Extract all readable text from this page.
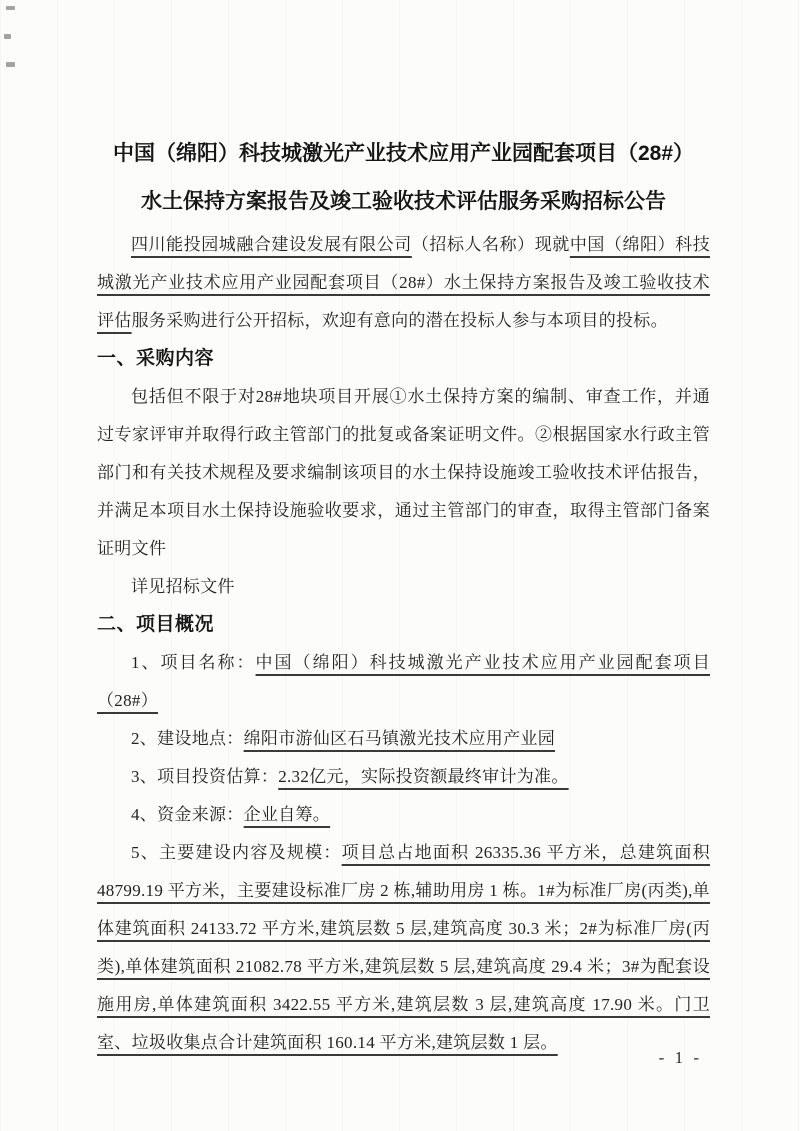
中国（绵阳）科技城激光产业技术应用产业园配套项目（28#）
水土保持方案报告及竣工验收技术评估服务采购招标公告

四川能投园城融合建设发展有限公司（招标人名称）现就中国（绵阳）科技城激光产业技术应用产业园配套项目（28#）水土保持方案报告及竣工验收技术评估服务采购进行公开招标，欢迎有意向的潜在投标人参与本项目的投标。

一、采购内容

包括但不限于对28#地块项目开展①水土保持方案的编制、审查工作，并通过专家评审并取得行政主管部门的批复或备案证明文件。②根据国家水行政主管部门和有关技术规程及要求编制该项目的水土保持设施竣工验收技术评估报告，并满足本项目水土保持设施验收要求，通过主管部门的审查，取得主管部门备案证明文件

详见招标文件

二、项目概况

1、项目名称：中国（绵阳）科技城激光产业技术应用产业园配套项目（28#）

2、建设地点：绵阳市游仙区石马镇激光技术应用产业园

3、项目投资估算：2.32亿元，实际投资额最终审计为准。

4、资金来源：企业自筹。

5、主要建设内容及规模：项目总占地面积 26335.36 平方米，总建筑面积 48799.19 平方米，主要建设标准厂房 2 栋,辅助用房 1 栋。1#为标准厂房(丙类),单体建筑面积 24133.72 平方米,建筑层数 5 层,建筑高度 30.3 米；2#为标准厂房(丙类),单体建筑面积 21082.78 平方米,建筑层数 5 层,建筑高度 29.4 米；3#为配套设施用房,单体建筑面积 3422.55 平方米,建筑层数 3 层,建筑高度 17.90 米。门卫室、垃圾收集点合计建筑面积 160.14 平方米,建筑层数 1 层。

- 1 -
